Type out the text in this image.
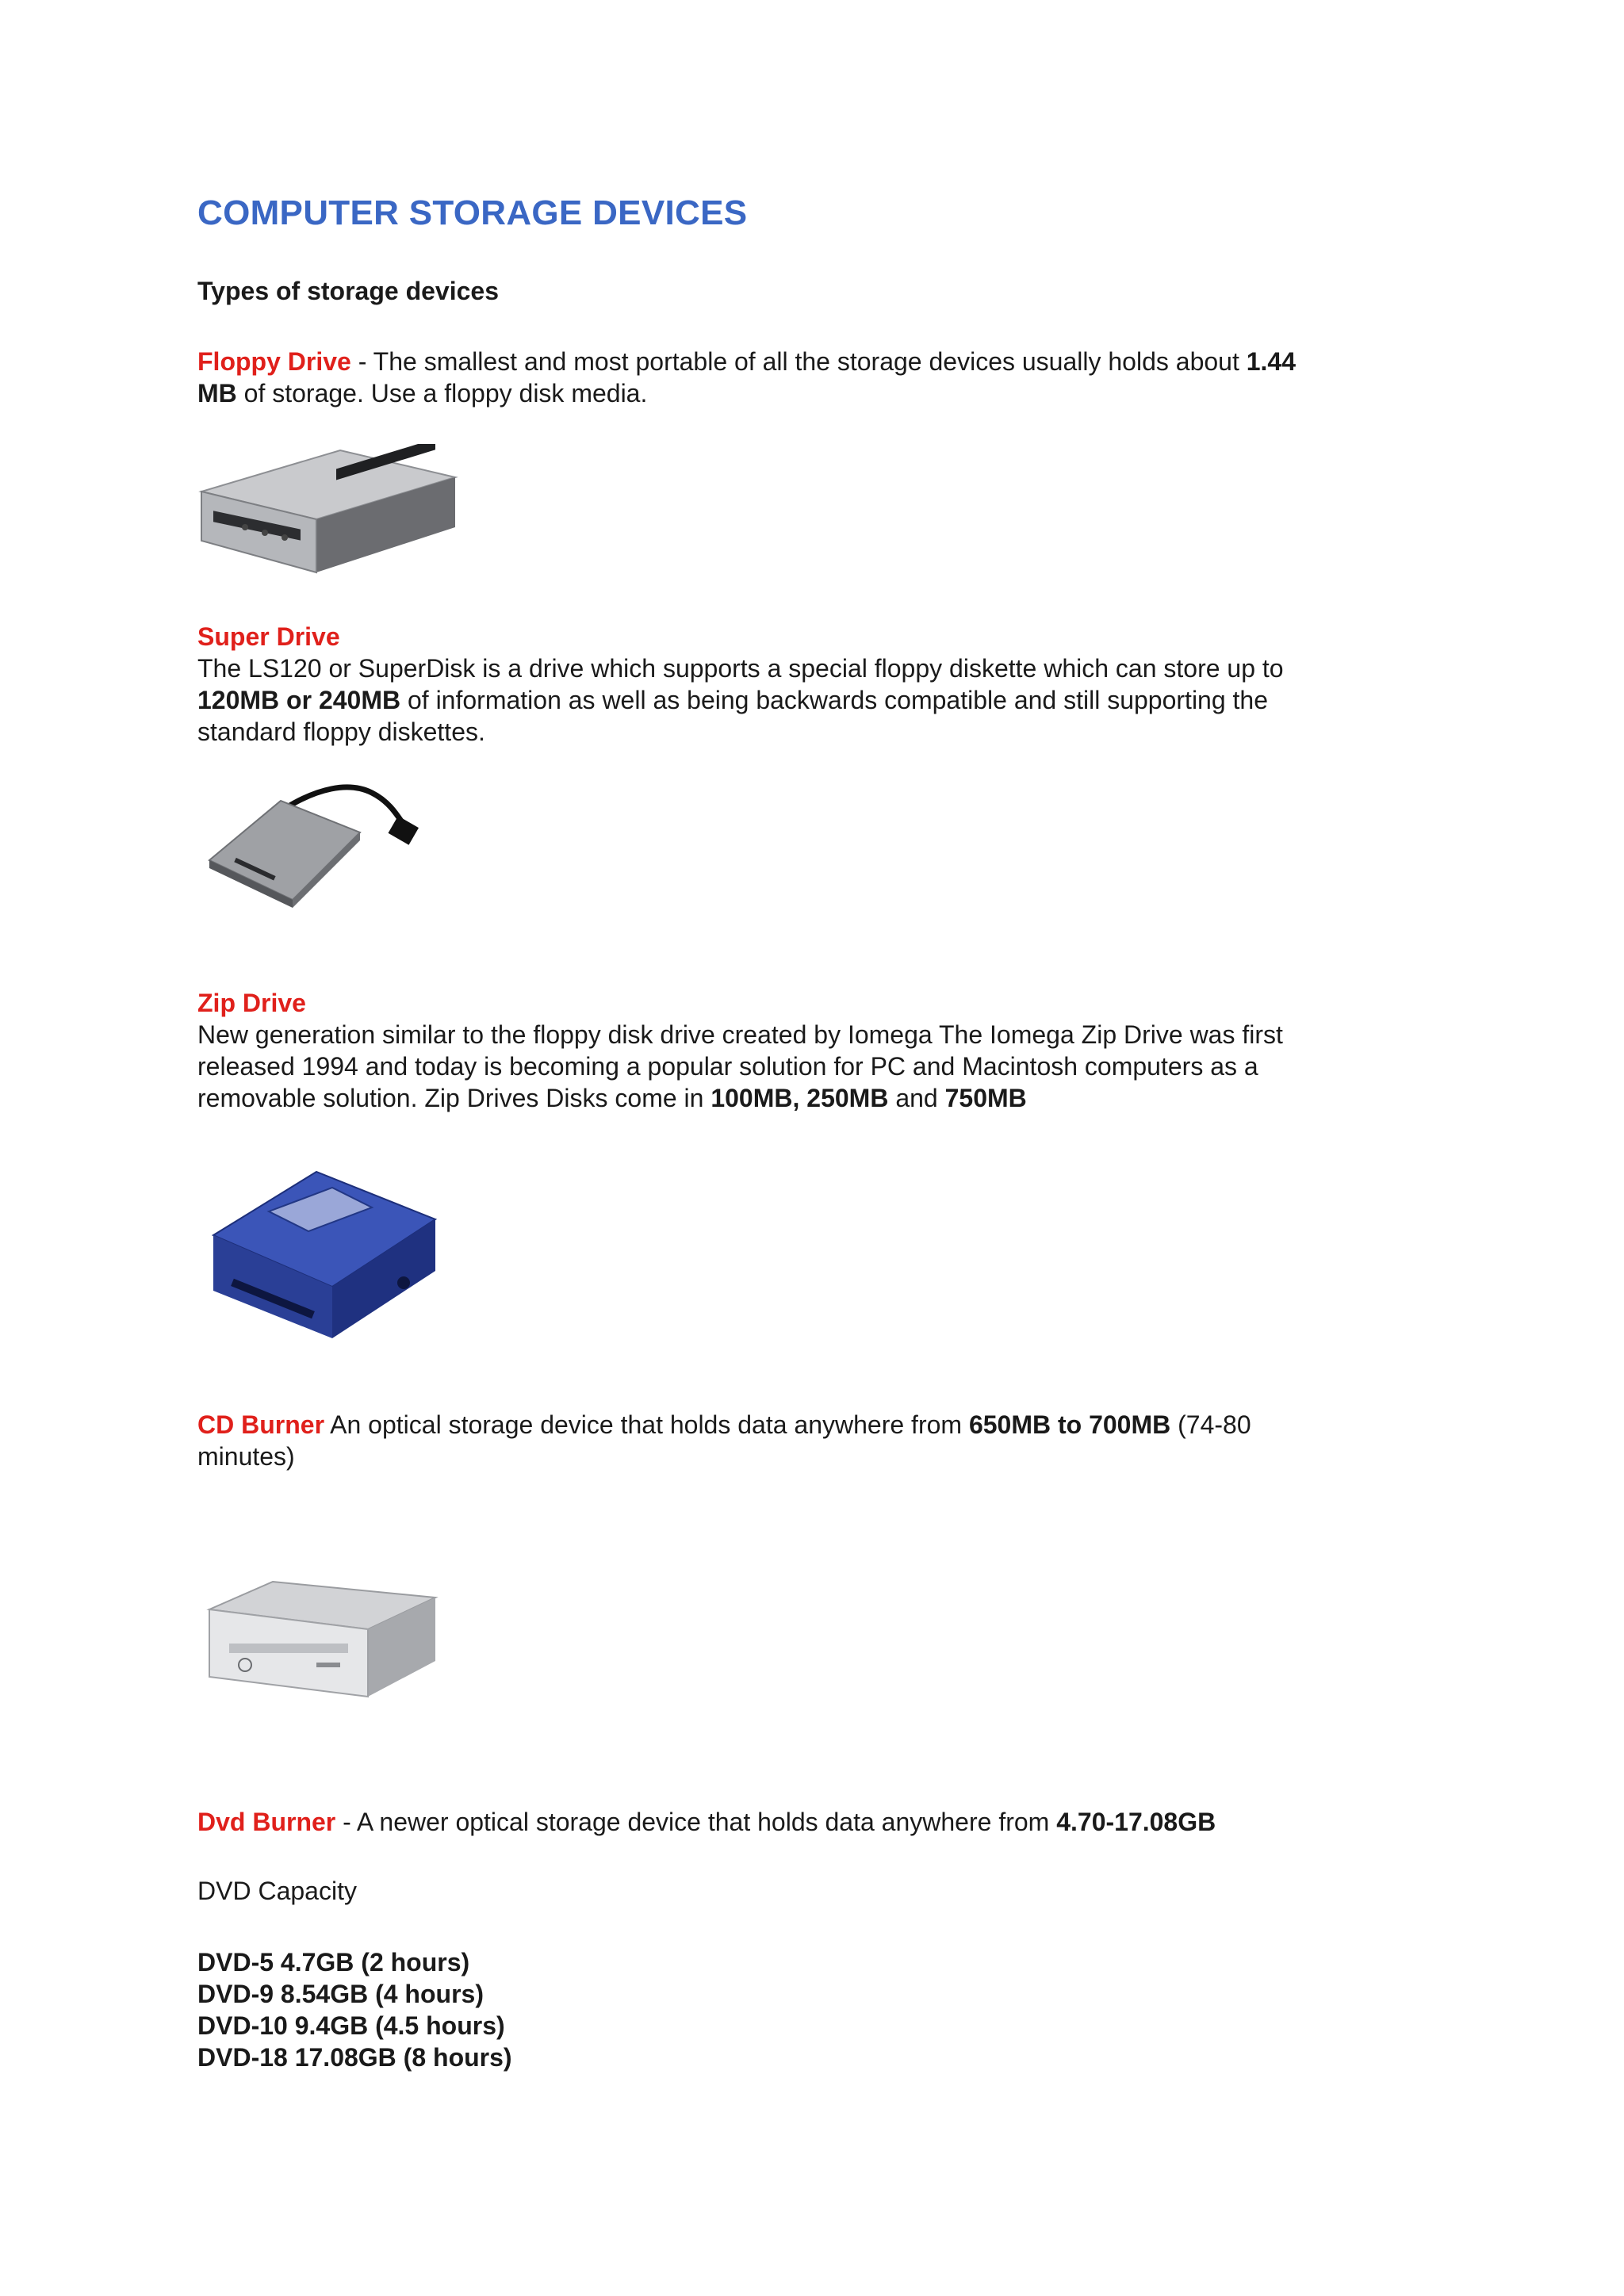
COMPUTER STORAGE DEVICES
Types of storage devices
Floppy Drive - The smallest and most portable of all the storage devices usually holds about 1.44
MB of storage. Use a floppy disk media.
Super Drive
The LS120 or SuperDisk is a drive which supports a special floppy diskette which can store up to
120MB or 240MB of information as well as being backwards compatible and still supporting the
standard floppy diskettes.
Zip Drive
New generation similar to the floppy disk drive created by Iomega The Iomega Zip Drive was first
released 1994 and today is becoming a popular solution for PC and Macintosh computers as a
removable solution. Zip Drives Disks come in 100MB, 250MB and 750MB
CD Burner An optical storage device that holds data anywhere from 650MB to 700MB (74-80
minutes)
Dvd Burner - A newer optical storage device that holds data anywhere from 4.70-17.08GB
DVD Capacity
DVD-5 4.7GB (2 hours)
DVD-9 8.54GB (4 hours)
DVD-10 9.4GB (4.5 hours)
DVD-18 17.08GB (8 hours)
